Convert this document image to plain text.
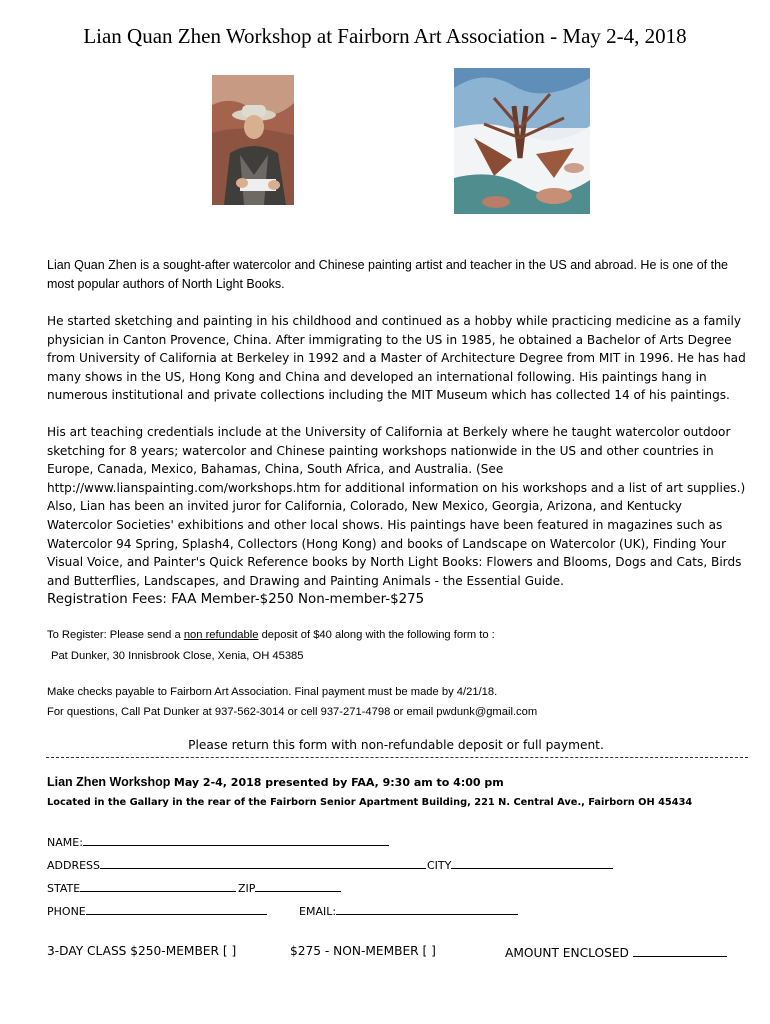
Lian Quan Zhen Workshop at Fairborn Art Association - May 2-4, 2018
Lian Quan Zhen is a sought-after watercolor and Chinese painting artist and teacher in the US and abroad. He is one of the most popular authors of North Light Books.
He started sketching and painting in his childhood and continued as a hobby while practicing medicine as a family physician in Canton Provence, China. After immigrating to the US in 1985, he obtained a Bachelor of Arts Degree from University of California at Berkeley in 1992 and a Master of Architecture Degree from MIT in 1996. He has had many shows in the US, Hong Kong and China and developed an international following. His paintings hang in numerous institutional and private collections including the MIT Museum which has collected 14 of his paintings.
His art teaching credentials include at the University of California at Berkely where he taught watercolor outdoor sketching for 8 years; watercolor and Chinese painting workshops nationwide in the US and other countries in Europe, Canada, Mexico, Bahamas, China, South Africa, and Australia. (See http://www.lianspainting.com/workshops.htm for additional information on his workshops and a list of art supplies.) Also, Lian has been an invited juror for California, Colorado, New Mexico, Georgia, Arizona, and Kentucky Watercolor Societies' exhibitions and other local shows. His paintings have been featured in magazines such as Watercolor 94 Spring, Splash4, Collectors (Hong Kong) and books of Landscape on Watercolor (UK), Finding Your Visual Voice, and Painter's Quick Reference books by North Light Books: Flowers and Blooms, Dogs and Cats, Birds and Butterflies, Landscapes, and Drawing and Painting Animals - the Essential Guide.
Registration Fees: FAA Member-$250 Non-member-$275
To Register: Please send a non refundable deposit of $40 along with the following form to :
Pat Dunker, 30 Innisbrook Close, Xenia, OH 45385
Make checks payable to Fairborn Art Association. Final payment must be made by 4/21/18.
For questions, Call Pat Dunker at 937-562-3014 or cell 937-271-4798 or email pwdunk@gmail.com
Please return this form with non-refundable deposit or full payment.
Lian Zhen Workshop May 2-4, 2018 presented by FAA, 9:30 am to 4:00 pm
Located in the Gallary in the rear of the Fairborn Senior Apartment Building, 221 N. Central Ave., Fairborn OH 45434
NAME:
ADDRESS	CITY
STATE	ZIP
PHONE	EMAIL:
3-DAY CLASS $250-MEMBER [ ]	$275 - NON-MEMBER [ ]	AMOUNT ENCLOSED
